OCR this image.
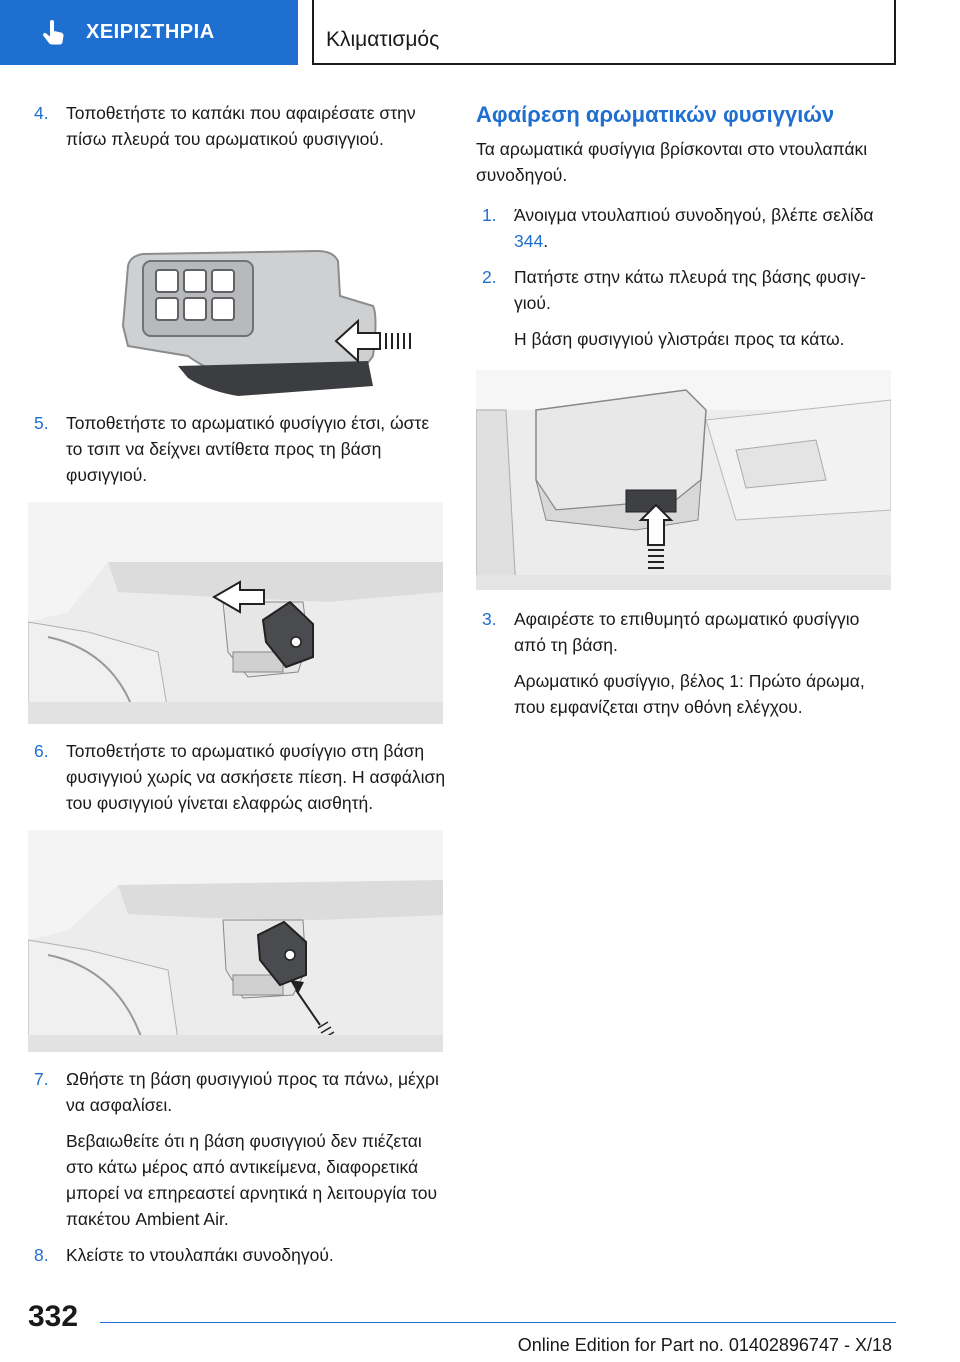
ΧΕΙΡΙΣΤΗΡΙΑ	Κλιματισμός
4. Τοποθετήστε το καπάκι που αφαιρέσατε στην πίσω πλευρά του αρωματικού φυσιγγιού.
5. Τοποθετήστε το αρωματικό φυσίγγιο έτσι, ώστε το τσιπ να δείχνει αντίθετα προς τη βάση φυσιγγιού.
6. Τοποθετήστε το αρωματικό φυσίγγιο στη βάση φυσιγγιού χωρίς να ασκήσετε πίεση. Η ασφάλιση του φυσιγγιού γίνεται ελαφρώς αισθητή.
7. Ωθήστε τη βάση φυσιγγιού προς τα πάνω, μέχρι να ασφαλίσει.
Βεβαιωθείτε ότι η βάση φυσιγγιού δεν πιέζεται στο κάτω μέρος από αντικείμενα, διαφορετικά μπορεί να επηρεαστεί αρνητικά η λειτουργία του πακέτου Ambient Air.
8. Κλείστε το ντουλαπάκι συνοδηγού.
Αφαίρεση αρωματικών φυσιγγιών
Τα αρωματικά φυσίγγια βρίσκονται στο ντουλαπάκι συνοδηγού.
1. Άνοιγμα ντουλαπιού συνοδηγού, βλέπε σελίδα 344.
2. Πατήστε στην κάτω πλευρά της βάσης φυσιγγιού.
Η βάση φυσιγγιού γλιστράει προς τα κάτω.
3. Αφαιρέστε το επιθυμητό αρωματικό φυσίγγιο από τη βάση.
Αρωματικό φυσίγγιο, βέλος 1: Πρώτο άρωμα, που εμφανίζεται στην οθόνη ελέγχου.
332
Online Edition for Part no. 01402896747 - X/18
